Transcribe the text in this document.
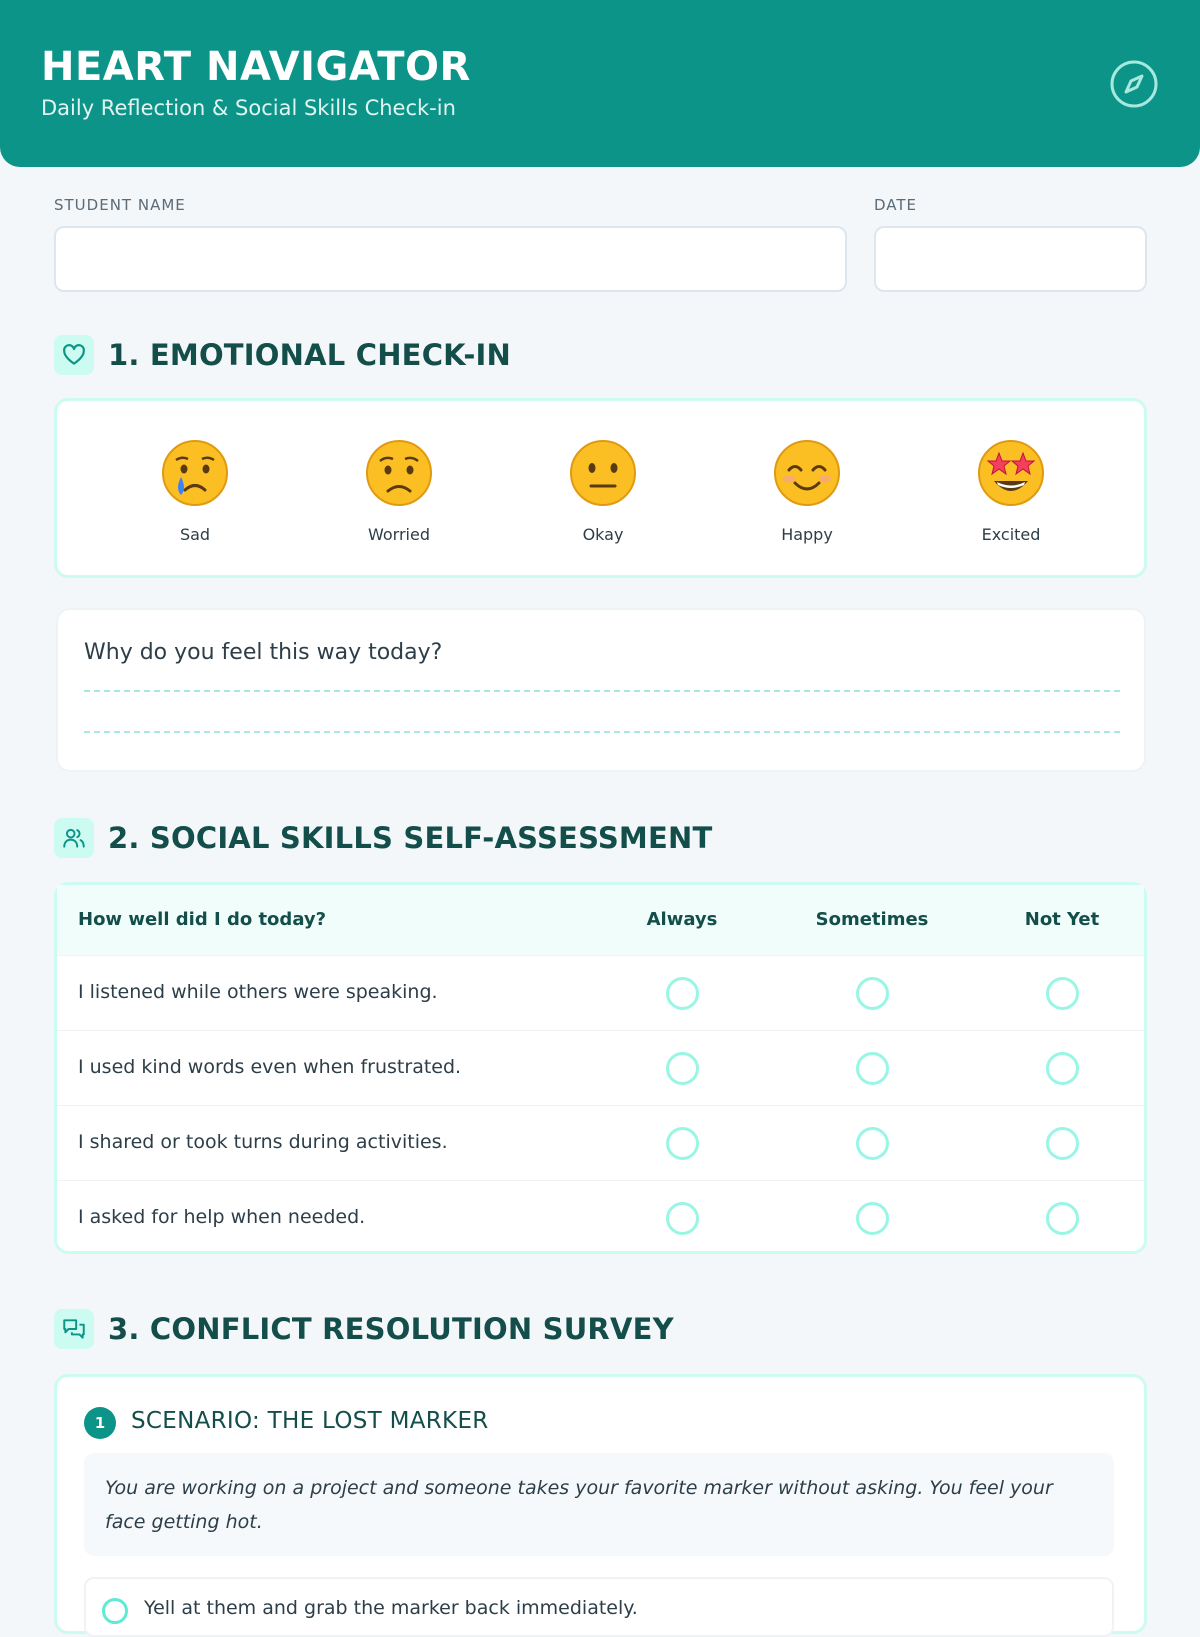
HEART NAVIGATOR
Daily Reflection & Social Skills Check-in
STUDENT NAME	DATE
1. EMOTIONAL CHECK-IN
Sad	Worried	Okay	Happy	Excited
Why do you feel this way today?
2. SOCIAL SKILLS SELF-ASSESSMENT
How well did I do today?	Always	Sometimes	Not Yet
I listened while others were speaking.
I used kind words even when frustrated.
I shared or took turns during activities.
I asked for help when needed.
3. CONFLICT RESOLUTION SURVEY
1	SCENARIO: THE LOST MARKER
You are working on a project and someone takes your favorite marker without asking. You feel your face getting hot.
Yell at them and grab the marker back immediately.
